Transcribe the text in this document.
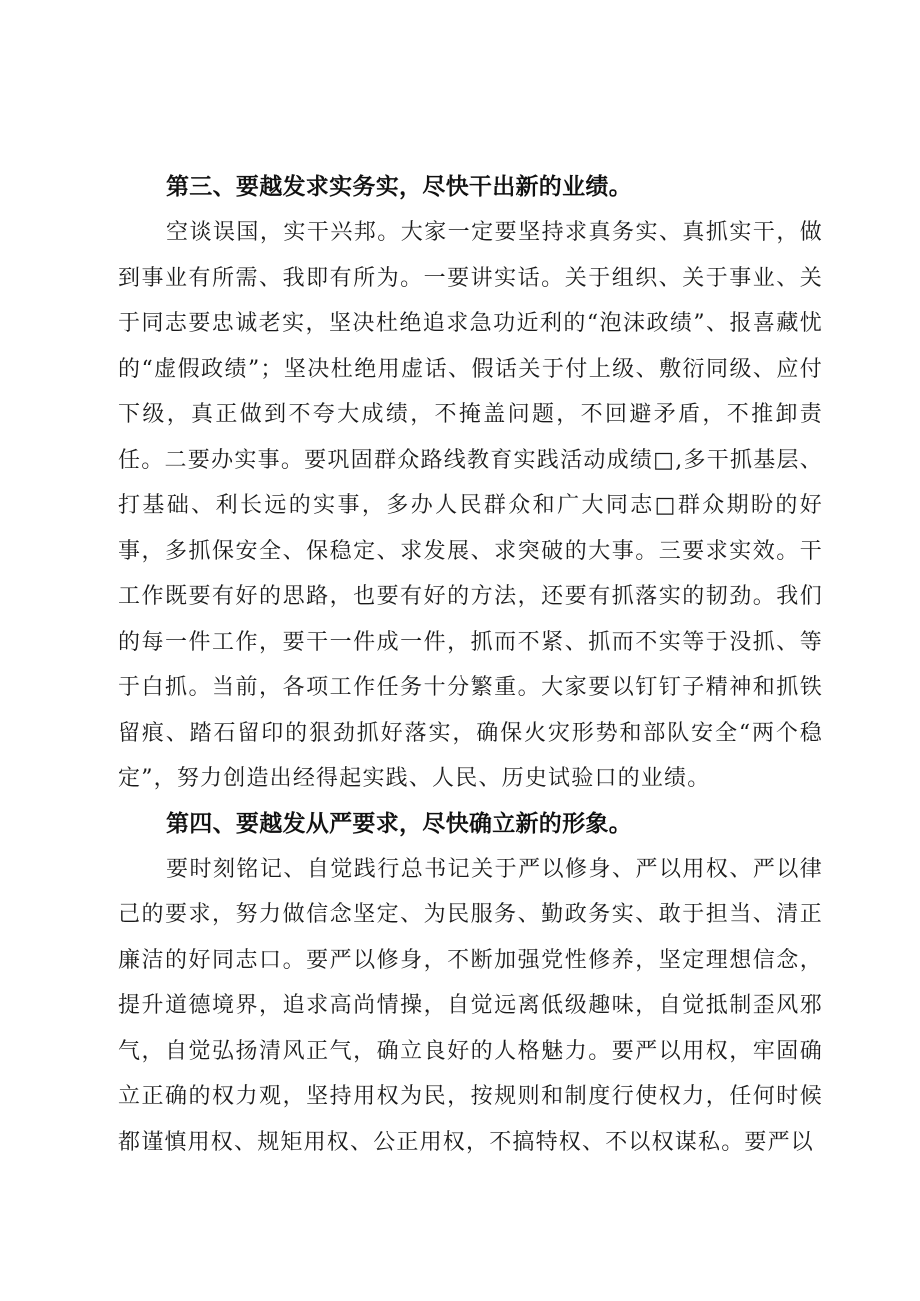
第三、要越发求实务实，尽快干出新的业绩。

空谈误国，实干兴邦。大家一定要坚持求真务实、真抓实干，做到事业有所需、我即有所为。一要讲实话。关于组织、关于事业、关于同志要忠诚老实，坚决杜绝追求急功近利的“泡沫政绩”、报喜藏忧的“虚假政绩”；坚决杜绝用虚话、假话关于付上级、敷衍同级、应付下级，真正做到不夸大成绩，不掩盖问题，不回避矛盾，不推卸责任。二要办实事。要巩固群众路线教育实践活动成绩□,多干抓基层、打基础、利长远的实事，多办人民群众和广大同志□群众期盼的好事，多抓保安全、保稳定、求发展、求突破的大事。三要求实效。干工作既要有好的思路，也要有好的方法，还要有抓落实的韧劲。我们的每一件工作，要干一件成一件，抓而不紧、抓而不实等于没抓、等于白抓。当前，各项工作任务十分繁重。大家要以钉钉子精神和抓铁留痕、踏石留印的狠劲抓好落实，确保火灾形势和部队安全“两个稳定”，努力创造出经得起实践、人民、历史试验口的业绩。

第四、要越发从严要求，尽快确立新的形象。

要时刻铭记、自觉践行总书记关于严以修身、严以用权、严以律己的要求，努力做信念坚定、为民服务、勤政务实、敢于担当、清正廉洁的好同志口。要严以修身，不断加强党性修养，坚定理想信念，提升道德境界，追求高尚情操，自觉远离低级趣味，自觉抵制歪风邪气，自觉弘扬清风正气，确立良好的人格魅力。要严以用权，牢固确立正确的权力观，坚持用权为民，按规则和制度行使权力，任何时候都谨慎用权、规矩用权、公正用权，不搞特权、不以权谋私。要严以
